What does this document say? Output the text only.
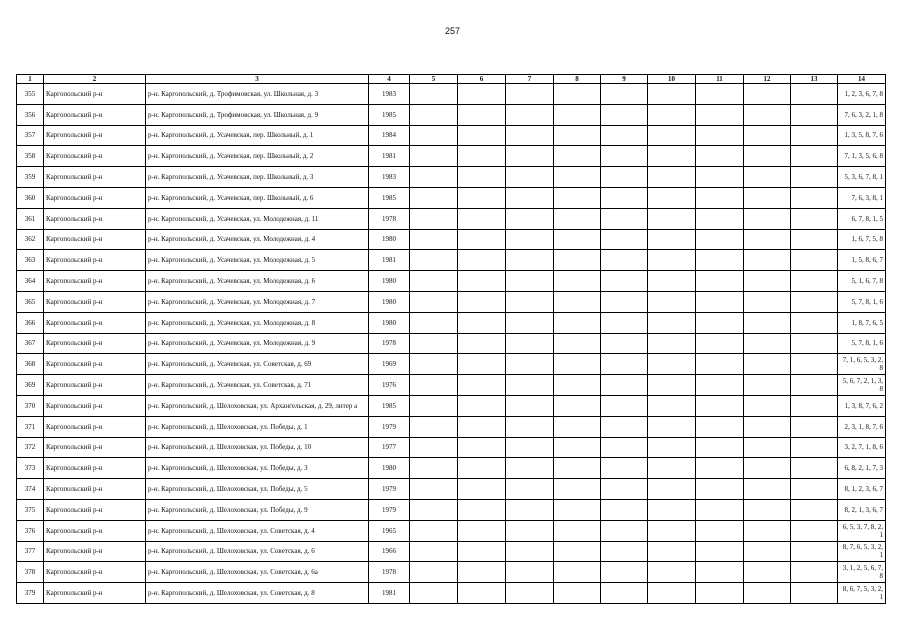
257
1	2	3	4	5	6	7	8	9	10	11	12	13	14
355	Каргопольский р-н	р-н. Каргопольский, д. Трофимовская, ул. Школьная, д. 3	1983										1, 2, 3, 6, 7, 8
356	Каргопольский р-н	р-н. Каргопольский, д. Трофимовская, ул. Школьная, д. 9	1985										7, 6, 3, 2, 1, 8
357	Каргопольский р-н	р-н. Каргопольский, д. Усачевская, пер. Школьный, д. 1	1984										1, 3, 5, 8, 7, 6
358	Каргопольский р-н	р-н. Каргопольский, д. Усачевская, пер. Школьный, д. 2	1981										7, 1, 3, 5, 6, 8
359	Каргопольский р-н	р-н. Каргопольский, д. Усачевская, пер. Школьный, д. 3	1983										5, 3, 6, 7, 8, 1
360	Каргопольский р-н	р-н. Каргопольский, д. Усачевская, пер. Школьный, д. 6	1985										7, 6, 3, 8, 1
361	Каргопольский р-н	р-н. Каргопольский, д. Усачевская, ул. Молодежная, д. 11	1978										6, 7, 8, 1, 5
362	Каргопольский р-н	р-н. Каргопольский, д. Усачевская, ул. Молодежная, д. 4	1980										1, 6, 7, 5, 8
363	Каргопольский р-н	р-н. Каргопольский, д. Усачевская, ул. Молодежная, д. 5	1981										1, 5, 8, 6, 7
364	Каргопольский р-н	р-н. Каргопольский, д. Усачевская, ул. Молодежная, д. 6	1980										5, 1, 6, 7, 8
365	Каргопольский р-н	р-н. Каргопольский, д. Усачевская, ул. Молодежная, д. 7	1980										5, 7, 8, 1, 6
366	Каргопольский р-н	р-н. Каргопольский, д. Усачевская, ул. Молодежная, д. 8	1980										1, 8, 7, 6, 5
367	Каргопольский р-н	р-н. Каргопольский, д. Усачевская, ул. Молодежная, д. 9	1978										5, 7, 8, 1, 6
368	Каргопольский р-н	р-н. Каргопольский, д. Усачевская, ул. Советская, д. 69	1969										7, 1, 6, 5, 3, 2, 8
369	Каргопольский р-н	р-н. Каргопольский, д. Усачевская, ул. Советская, д. 71	1976										5, 6, 7, 2, 1, 3, 8
370	Каргопольский р-н	р-н. Каргопольский, д. Шелоховская, ул. Архангельская, д. 29, литер а	1985										1, 3, 8, 7, 6, 2
371	Каргопольский р-н	р-н. Каргопольский, д. Шелоховская, ул. Победы, д. 1	1979										2, 3, 1, 8, 7, 6
372	Каргопольский р-н	р-н. Каргопольский, д. Шелоховская, ул. Победы, д. 10	1977										3, 2, 7, 1, 8, 6
373	Каргопольский р-н	р-н. Каргопольский, д. Шелоховская, ул. Победы, д. 3	1980										6, 8, 2, 1, 7, 3
374	Каргопольский р-н	р-н. Каргопольский, д. Шелоховская, ул. Победы, д. 5	1979										8, 1, 2, 3, 6, 7
375	Каргопольский р-н	р-н. Каргопольский, д. Шелоховская, ул. Победы, д. 9	1979										8, 2, 1, 3, 6, 7
376	Каргопольский р-н	р-н. Каргопольский, д. Шелоховская, ул. Советская, д. 4	1965										6, 5, 3, 7, 8, 2, 1
377	Каргопольский р-н	р-н. Каргопольский, д. Шелоховская, ул. Советская, д. 6	1966										8, 7, 6, 5, 3, 2, 1
378	Каргопольский р-н	р-н. Каргопольский, д. Шелоховская, ул. Советская, д. 6а	1978										3, 1, 2, 5, 6, 7, 8
379	Каргопольский р-н	р-н. Каргопольский, д. Шелоховская, ул. Советская, д. 8	1981										8, 6, 7, 5, 3, 2, 1
